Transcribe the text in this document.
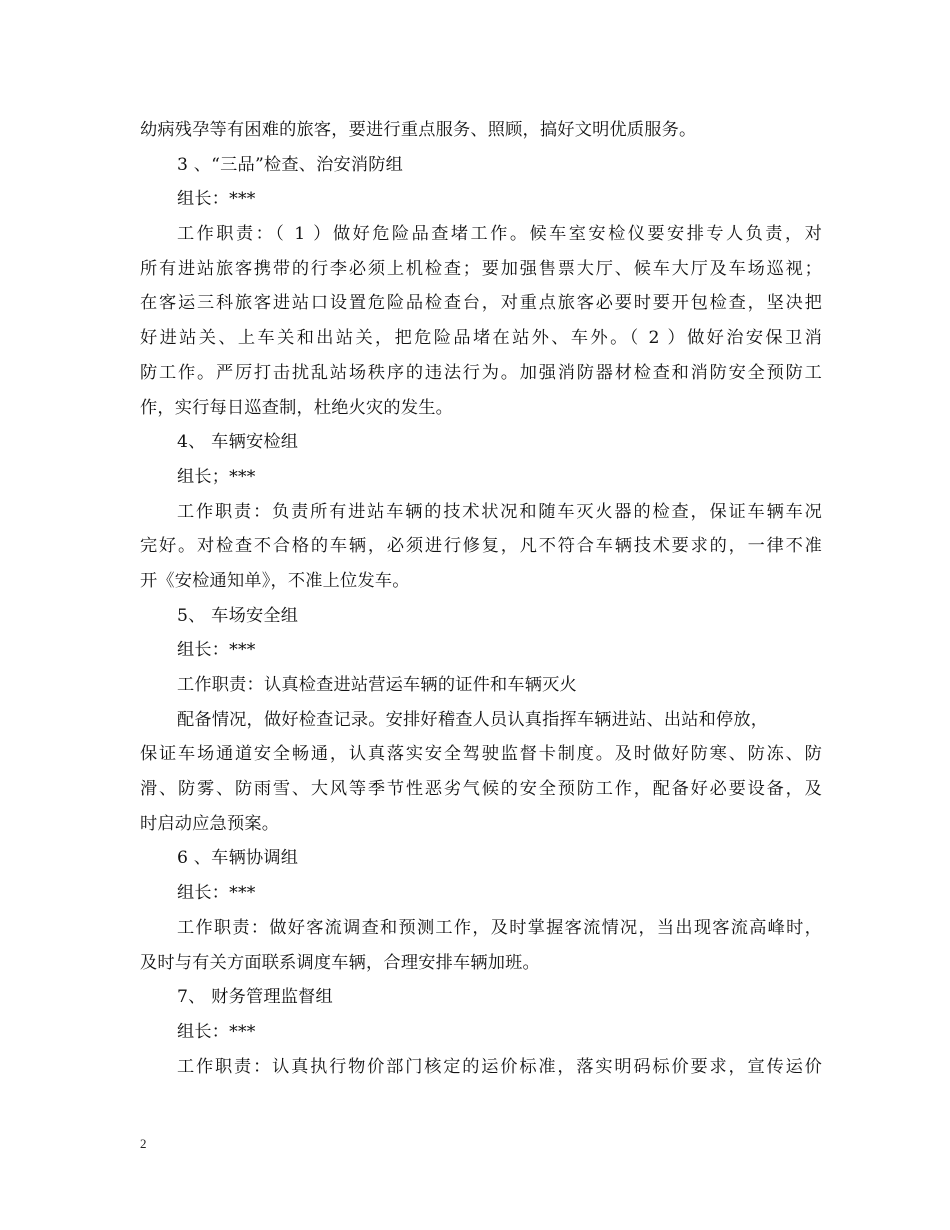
幼病残孕等有困难的旅客，要进行重点服务、照顾，搞好文明优质服务。
3 、“三品”检查、治安消防组
组长：***
工作职责：（ 1 ）做好危险品查堵工作。候车室安检仪要安排专人负责，对
所有进站旅客携带的行李必须上机检查；要加强售票大厅、候车大厅及车场巡视；
在客运三科旅客进站口设置危险品检查台，对重点旅客必要时要开包检查，坚决把
好进站关、上车关和出站关，把危险品堵在站外、车外。（ 2 ）做好治安保卫消
防工作。严厉打击扰乱站场秩序的违法行为。加强消防器材检查和消防安全预防工
作，实行每日巡查制，杜绝火灾的发生。
4、 车辆安检组
组长；***
工作职责：负责所有进站车辆的技术状况和随车灭火器的检查，保证车辆车况
完好。对检查不合格的车辆，必须进行修复，凡不符合车辆技术要求的，一律不准
开《安检通知单》，不准上位发车。
5、 车场安全组
组长：***
工作职责：认真检查进站营运车辆的证件和车辆灭火
配备情况，做好检查记录。安排好稽查人员认真指挥车辆进站、出站和停放，
保证车场通道安全畅通，认真落实安全驾驶监督卡制度。及时做好防寒、防冻、防
滑、防雾、防雨雪、大风等季节性恶劣气候的安全预防工作，配备好必要设备，及
时启动应急预案。
6 、车辆协调组
组长：***
工作职责：做好客流调查和预测工作，及时掌握客流情况，当出现客流高峰时，
及时与有关方面联系调度车辆，合理安排车辆加班。
7、 财务管理监督组
组长：***
工作职责：认真执行物价部门核定的运价标准，落实明码标价要求，宣传运价
2
